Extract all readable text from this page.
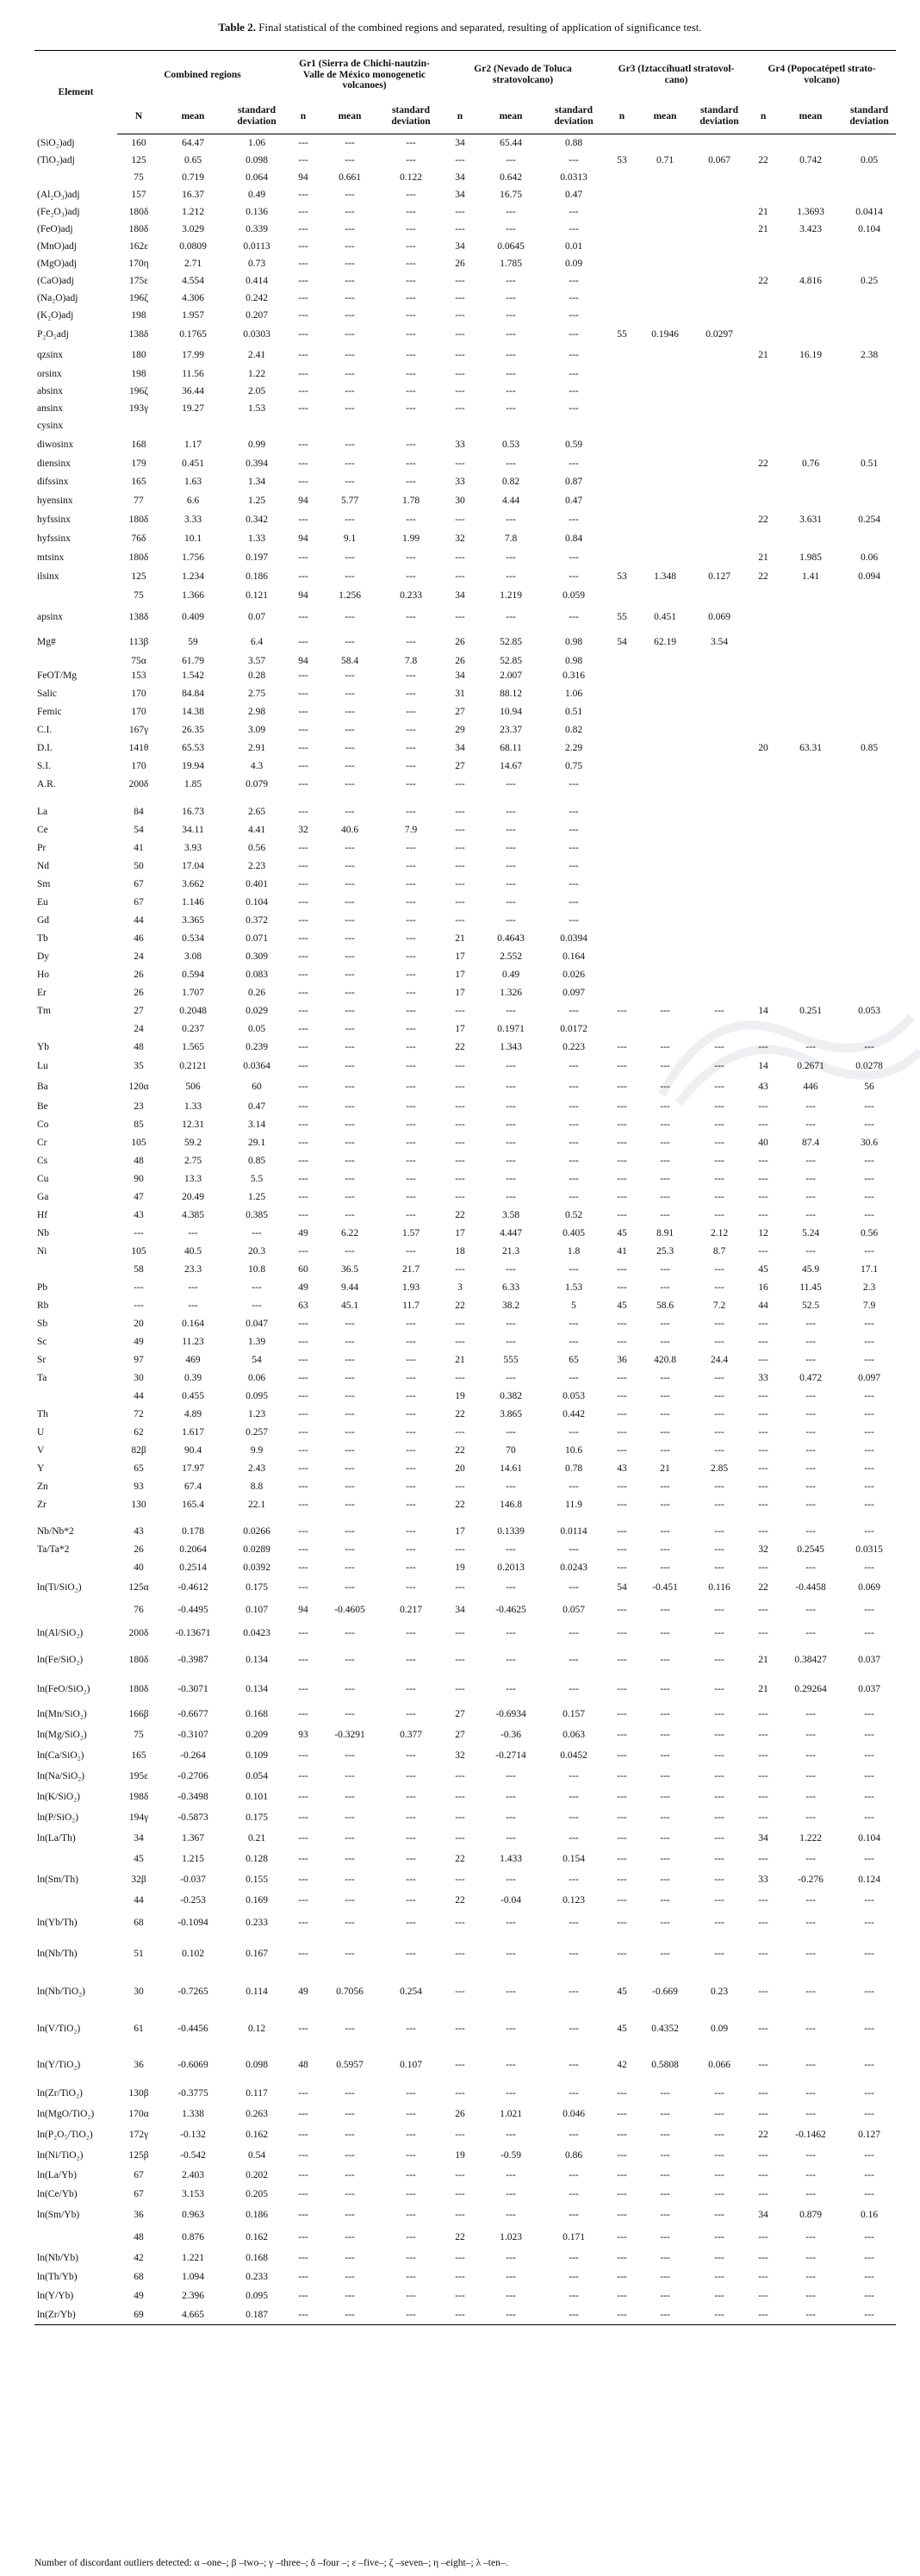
Table 2. Final statistical of the combined regions and separated, resulting of application of significance test.
Element	Combined regions			Gr1 (Sierra de Chichi-nautzin- Valle de México monogenetic volcanoes)			Gr2 (Nevado de Toluca stratovolcano)			Gr3 (Iztaccíhuatl stratovol-cano)			Gr4 (Popocatépetl strato-volcano)		
	N	mean	standard deviation	n	mean	standard deviation	n	mean	standard deviation	n	mean	standard deviation	n	mean	standard deviation
(SiO₂)adj	160	64.47	1.06	---	---	---	34	65.44	0.88						
(TiO₂)adj	125	0.65	0.098	---	---	---	---	---	---	53	0.71	0.067	22	0.742	0.05
	75	0.719	0.064	94	0.661	0.122	34	0.642	0.0313						
(Al₂O₃)adj	157	16.37	0.49	---	---	---	34	16.75	0.47						
(Fe₂O₃)adj	180δ	1.212	0.136	---	---	---	---	---	---				21	1.3693	0.0414
(FeO)adj	180δ	3.029	0.339	---	---	---	---	---	---				21	3.423	0.104
(MnO)adj	162ε	0.0809	0.0113	---	---	---	34	0.0645	0.01						
(MgO)adj	170η	2.71	0.73	---	---	---	26	1.785	0.09						
(CaO)adj	175ε	4.554	0.414	---	---	---	---	---	---				22	4.816	0.25
(Na₂O)adj	196ζ	4.306	0.242	---	---	---	---	---	---						
(K₂O)adj	198	1.957	0.207	---	---	---	---	---	---						
P₂O₅adj	138δ	0.1765	0.0303	---	---	---	---	---	---	55	0.1946	0.0297			
qzsinx	180	17.99	2.41	---	---	---	---	---	---				21	16.19	2.38
orsinx	198	11.56	1.22	---	---	---	---	---	---						
absinx	196ζ	36.44	2.05	---	---	---	---	---	---						
ansinx	193γ	19.27	1.53	---	---	---	---	---	---						
cysinx															
diwosinx	168	1.17	0.99	---	---	---	33	0.53	0.59						
diensinx	179	0.451	0.394	---	---	---	---	---	---				22	0.76	0.51
difssinx	165	1.63	1.34	---	---	---	33	0.82	0.87						
hyensinx	77	6.6	1.25	94	5.77	1.78	30	4.44	0.47						
hyfssinx	180δ	3.33	0.342	---	---	---	---	---	---				22	3.631	0.254
hyfssinx	76δ	10.1	1.33	94	9.1	1.99	32	7.8	0.84						
mtsinx	180δ	1.756	0.197	---	---	---	---	---	---				21	1.985	0.06
ilsinx	125	1.234	0.186	---	---	---	---	---	---	53	1.348	0.127	22	1.41	0.094
	75	1.366	0.121	94	1.256	0.233	34	1.219	0.059						
apsinx	138δ	0.409	0.07	---	---	---	---	---	---	55	0.451	0.069			
Mg#	113β	59	6.4	---	---	---	26	52.85	0.98	54	62.19	3.54			
	75α	61.79	3.57	94	58.4	7.8	26	52.85	0.98						
FeOT/Mg	153	1.542	0.28	---	---	---	34	2.007	0.316						
Salic	170	84.84	2.75	---	---	---	31	88.12	1.06						
Femic	170	14.38	2.98	---	---	---	27	10.94	0.51						
C.I.	167γ	26.35	3.09	---	---	---	29	23.37	0.82						
D.I.	141θ	65.53	2.91	---	---	---	34	68.11	2.29				20	63.31	0.85
S.I.	170	19.94	4.3	---	---	---	27	14.67	0.75						
A.R.	200δ	1.85	0.079	---	---	---	---	---	---						

La	84	16.73	2.65	---	---	---	---	---	---						
Ce	54	34.11	4.41	32	40.6	7.9	---	---	---						
Pr	41	3.93	0.56	---	---	---	---	---	---						
Nd	50	17.04	2.23	---	---	---	---	---	---						
Sm	67	3.662	0.401	---	---	---	---	---	---						
Eu	67	1.146	0.104	---	---	---	---	---	---						
Gd	44	3.365	0.372	---	---	---	---	---	---						
Tb	46	0.534	0.071	---	---	---	21	0.4643	0.0394						
Dy	24	3.08	0.309	---	---	---	17	2.552	0.164						
Ho	26	0.594	0.083	---	---	---	17	0.49	0.026						
Er	26	1.707	0.26	---	---	---	17	1.326	0.097						
Tm	27	0.2048	0.029	---	---	---	---	---	---	---	---	---	14	0.251	0.053
	24	0.237	0.05	---	---	---	17	0.1971	0.0172						
Yb	48	1.565	0.239	---	---	---	22	1.343	0.223	---	---	---	---	---	---
Lu	35	0.2121	0.0364	---	---	---	---	---	---	---	---	---	14	0.2671	0.0278
Ba	120α	506	60	---	---	---	---	---	---	---	---	---	43	446	56
Be	23	1.33	0.47	---	---	---	---	---	---	---	---	---	---	---	---
Co	85	12.31	3.14	---	---	---	---	---	---	---	---	---	---	---	---
Cr	105	59.2	29.1	---	---	---	---	---	---	---	---	---	40	87.4	30.6
Cs	48	2.75	0.85	---	---	---	---	---	---	---	---	---	---	---	---
Cu	90	13.3	5.5	---	---	---	---	---	---	---	---	---	---	---	---
Ga	47	20.49	1.25	---	---	---	---	---	---	---	---	---	---	---	---
Hf	43	4.385	0.385	---	---	---	22	3.58	0.52	---	---	---	---	---	---
Nb	---	---	---	49	6.22	1.57	17	4.447	0.405	45	8.91	2.12	12	5.24	0.56
Ni	105	40.5	20.3	---	---	---	18	21.3	1.8	41	25.3	8.7	---	---	---
	58	23.3	10.8	60	36.5	21.7	---	---	---	---	---	---	45	45.9	17.1
Pb	---	---	---	49	9.44	1.93	3	6.33	1.53	---	---	---	16	11.45	2.3
Rb	---	---	---	63	45.1	11.7	22	38.2	5	45	58.6	7.2	44	52.5	7.9
Sb	20	0.164	0.047	---	---	---	---	---	---	---	---	---	---	---	---
Sc	49	11.23	1.39	---	---	---	---	---	---	---	---	---	---	---	---
Sr	97	469	54	---	---	---	21	555	65	36	420.8	24.4	---	---	---
Ta	30	0.39	0.06	---	---	---	---	---	---	---	---	---	33	0.472	0.097
	44	0.455	0.095	---	---	---	19	0.382	0.053	---	---	---	---	---	---
Th	72	4.89	1.23	---	---	---	22	3.865	0.442	---	---	---	---	---	---
U	62	1.617	0.257	---	---	---	---	---	---	---	---	---	---	---	---
V	82β	90.4	9.9	---	---	---	22	70	10.6	---	---	---	---	---	---
Y	65	17.97	2.43	---	---	---	20	14.61	0.78	43	21	2.85	---	---	---
Zn	93	67.4	8.8	---	---	---	---	---	---	---	---	---	---	---	---
Zr	130	165.4	22.1	---	---	---	22	146.8	11.9	---	---	---	---	---	---

Nb/Nb*2	43	0.178	0.0266	---	---	---	17	0.1339	0.0114	---	---	---	---	---	---
Ta/Ta*2	26	0.2064	0.0289	---	---	---	---	---	---	---	---	---	32	0.2545	0.0315
	40	0.2514	0.0392	---	---	---	19	0.2013	0.0243	---	---	---	---	---	---
ln(Ti/SiO₂)	125α	-0.4612	0.175	---	---	---	---	---	---	54	-0.451	0.116	22	-0.4458	0.069
	76	-0.4495	0.107	94	-0.4605	0.217	34	-0.4625	0.057	---	---	---	---	---	---
ln(Al/SiO₂)	200δ	-0.13671	0.0423	---	---	---	---	---	---	---	---	---	---	---	---
ln(Fe/SiO₂)	180δ	-0.3987	0.134	---	---	---	---	---	---	---	---	---	21	0.38427	0.037
ln(FeO/SiO₂)	180δ	-0.3071	0.134	---	---	---	---	---	---	---	---	---	21	0.29264	0.037
ln(Mn/SiO₂)	166β	-0.6677	0.168	---	---	---	27	-0.6934	0.157	---	---	---	---	---	---
ln(Mg/SiO₂)	75	-0.3107	0.209	93	-0.3291	0.377	27	-0.36	0.063	---	---	---	---	---	---
ln(Ca/SiO₂)	165	-0.264	0.109	---	---	---	32	-0.2714	0.0452	---	---	---	---	---	---
ln(Na/SiO₂)	195ε	-0.2706	0.054	---	---	---	---	---	---	---	---	---	---	---	---
ln(K/SiO₂)	198δ	-0.3498	0.101	---	---	---	---	---	---	---	---	---	---	---	---
ln(P/SiO₂)	194γ	-0.5873	0.175	---	---	---	---	---	---	---	---	---	---	---	---
ln(La/Th)	34	1.367	0.21	---	---	---	---	---	---	---	---	---	34	1.222	0.104
	45	1.215	0.128	---	---	---	22	1.433	0.154	---	---	---	---	---	---
ln(Sm/Th)	32β	-0.037	0.155	---	---	---	---	---	---	---	---	---	33	-0.276	0.124
	44	-0.253	0.169	---	---	---	22	-0.04	0.123	---	---	---	---	---	---
ln(Yb/Th)	68	-0.1094	0.233	---	---	---	---	---	---	---	---	---	---	---	---
ln(Nb/Th)	51	0.102	0.167	---	---	---	---	---	---	---	---	---	---	---	---
ln(Nb/TiO₂)	30	-0.7265	0.114	49	0.7056	0.254	---	---	---	45	-0.669	0.23	---	---	---
ln(V/TiO₂)	61	-0.4456	0.12	---	---	---	---	---	---	45	0.4352	0.09	---	---	---
ln(Y/TiO₂)	36	-0.6069	0.098	48	0.5957	0.107	---	---	---	42	0.5808	0.066	---	---	---
ln(Zr/TiO₂)	130β	-0.3775	0.117	---	---	---	---	---	---	---	---	---	---	---	---
ln(MgO/TiO₂)	170α	1.338	0.263	---	---	---	26	1.021	0.046	---	---	---	---	---	---
ln(P₂O₅/TiO₂)	172γ	-0.132	0.162	---	---	---	---	---	---	---	---	---	22	-0.1462	0.127
ln(Ni/TiO₂)	125β	-0.542	0.54	---	---	---	19	-0.59	0.86	---	---	---	---	---	---
ln(La/Yb)	67	2.403	0.202	---	---	---	---	---	---	---	---	---	---	---	---
ln(Ce/Yb)	67	3.153	0.205	---	---	---	---	---	---	---	---	---	---	---	---
ln(Sm/Yb)	36	0.963	0.186	---	---	---	---	---	---	---	---	---	34	0.879	0.16
	48	0.876	0.162	---	---	---	22	1.023	0.171	---	---	---	---	---	---
ln(Nb/Yb)	42	1.221	0.168	---	---	---	---	---	---	---	---	---	---	---	---
ln(Th/Yb)	68	1.094	0.233	---	---	---	---	---	---	---	---	---	---	---	---
ln(Y/Yb)	49	2.396	0.095	---	---	---	---	---	---	---	---	---	---	---	---
ln(Zr/Yb)	69	4.665	0.187	---	---	---	---	---	---	---	---	---	---	---	---
Number of discordant outliers detected: α –one–; β –two–; γ –three–; δ –four –; ε –five–; ζ –seven–; η –eight–; λ –ten–.
